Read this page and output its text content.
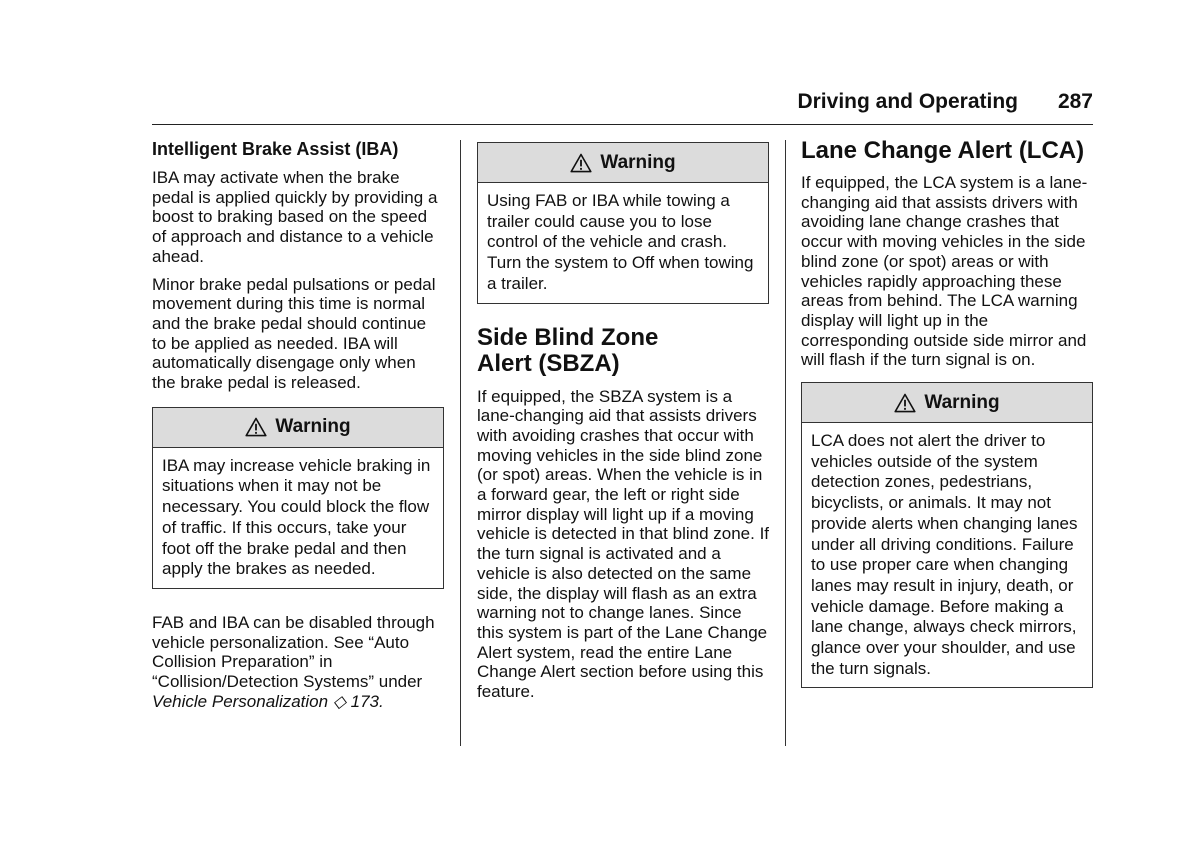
Driving and Operating 287
Intelligent Brake Assist (IBA)

IBA may activate when the brake pedal is applied quickly by providing a boost to braking based on the speed of approach and distance to a vehicle ahead.

Minor brake pedal pulsations or pedal movement during this time is normal and the brake pedal should continue to be applied as needed. IBA will automatically disengage only when the brake pedal is released.

Warning
IBA may increase vehicle braking in situations when it may not be necessary. You could block the flow of traffic. If this occurs, take your foot off the brake pedal and then apply the brakes as needed.

FAB and IBA can be disabled through vehicle personalization. See “Auto Collision Preparation” in “Collision/Detection Systems” under Vehicle Personalization ◇ 173.

Warning
Using FAB or IBA while towing a trailer could cause you to lose control of the vehicle and crash. Turn the system to Off when towing a trailer.
Side Blind Zone
Alert (SBZA)

If equipped, the SBZA system is a lane-changing aid that assists drivers with avoiding crashes that occur with moving vehicles in the side blind zone (or spot) areas. When the vehicle is in a forward gear, the left or right side mirror display will light up if a moving vehicle is detected in that blind zone. If the turn signal is activated and a vehicle is also detected on the same side, the display will flash as an extra warning not to change lanes. Since this system is part of the Lane Change Alert system, read the entire Lane Change Alert section before using this feature.

Lane Change Alert (LCA)

If equipped, the LCA system is a lane-changing aid that assists drivers with avoiding lane change crashes that occur with moving vehicles in the side blind zone (or spot) areas or with vehicles rapidly approaching these areas from behind. The LCA warning display will light up in the corresponding outside side mirror and will flash if the turn signal is on.

Warning
LCA does not alert the driver to vehicles outside of the system detection zones, pedestrians, bicyclists, or animals. It may not provide alerts when changing lanes under all driving conditions. Failure to use proper care when changing lanes may result in injury, death, or vehicle damage. Before making a lane change, always check mirrors, glance over your shoulder, and use the turn signals.
